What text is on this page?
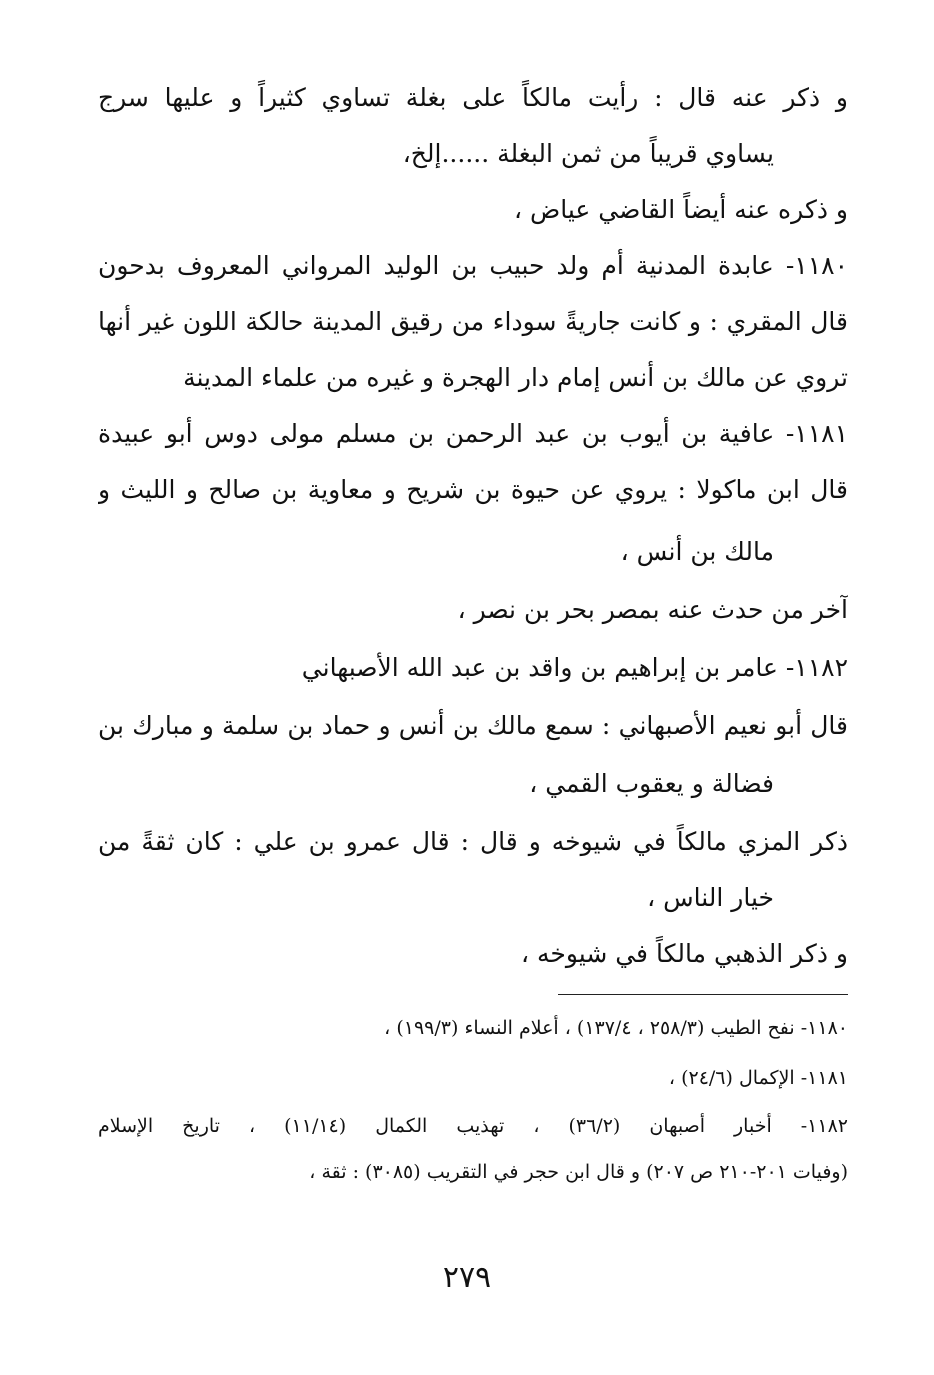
و ذكر عنه قال : رأيت مالكاً على بغلة تساوي كثيراً و عليها سرج
يساوي قريباً من ثمن البغلة ......إلخ،
و ذكره عنه أيضاً القاضي عياض ،
١١٨٠- عابدة المدنية أم ولد حبيب بن الوليد المرواني المعروف بدحون
قال المقري : و كانت جاريةً سوداء من رقيق المدينة حالكة اللون غير أنها
تروي عن مالك بن أنس إمام دار الهجرة و غيره من علماء المدينة
١١٨١- عافية بن أيوب بن عبد الرحمن بن مسلم مولى دوس أبو عبيدة
قال ابن ماكولا : يروي عن حيوة بن شريح و معاوية بن صالح و الليث و
مالك بن أنس ،
آخر من حدث عنه بمصر بحر بن نصر ،
١١٨٢- عامر بن إبراهيم بن واقد بن عبد الله الأصبهاني
قال أبو نعيم الأصبهاني : سمع مالك بن أنس و حماد بن سلمة و مبارك بن
فضالة و يعقوب القمي ،
ذكر المزي مالكاً في شيوخه و قال : قال عمرو بن علي : كان ثقةً من
خيار الناس ،
و ذكر الذهبي مالكاً في شيوخه ،
١١٨٠- نفح الطيب (٢٥٨/٣ ، ١٣٧/٤) ، أعلام النساء (١٩٩/٣) ،
١١٨١- الإكمال (٢٤/٦) ،
١١٨٢- أخبار أصبهان (٣٦/٢) ، تهذيب الكمال (١١/١٤) ، تاريخ الإسلام
(وفيات ٢٠١-٢١٠ ص ٢٠٧) و قال ابن حجر في التقريب (٣٠٨٥) : ثقة ،
٢٧٩
